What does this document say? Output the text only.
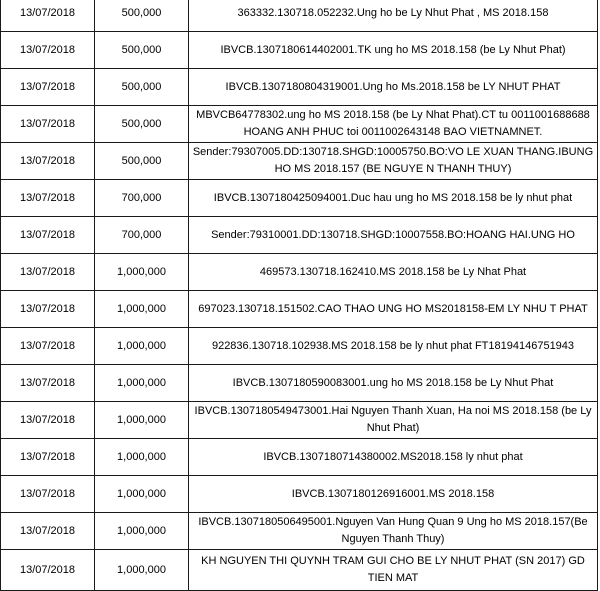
13/07/2018	500,000	363332.130718.052232.Ung ho be Ly Nhut Phat , MS 2018.158
13/07/2018	500,000	IBVCB.1307180614402001.TK ung ho MS 2018.158 (be Ly Nhut Phat)
13/07/2018	500,000	IBVCB.1307180804319001.Ung ho Ms.2018.158 be LY NHUT PHAT
13/07/2018	500,000	MBVCB64778302.ung ho MS 2018.158 (be Ly Nhat Phat).CT tu 0011001688688 HOANG ANH PHUC toi 0011002643148 BAO VIETNAMNET.
13/07/2018	500,000	Sender:79307005.DD:130718.SHGD:10005750.BO:VO LE XUAN THANG.IBUNG HO MS 2018.157 (BE NGUYE N THANH THUY)
13/07/2018	700,000	IBVCB.1307180425094001.Duc hau ung ho MS 2018.158 be ly nhut phat
13/07/2018	700,000	Sender:79310001.DD:130718.SHGD:10007558.BO:HOANG HAI.UNG HO
13/07/2018	1,000,000	469573.130718.162410.MS 2018.158 be Ly Nhat Phat
13/07/2018	1,000,000	697023.130718.151502.CAO THAO UNG HO MS2018158-EM LY NHU T PHAT
13/07/2018	1,000,000	922836.130718.102938.MS 2018.158 be ly nhut phat FT18194146751943
13/07/2018	1,000,000	IBVCB.1307180590083001.ung ho MS 2018.158 be Ly Nhut Phat
13/07/2018	1,000,000	IBVCB.1307180549473001.Hai Nguyen Thanh Xuan, Ha noi MS 2018.158 (be Ly Nhut Phat)
13/07/2018	1,000,000	IBVCB.1307180714380002.MS2018.158 ly nhut phat
13/07/2018	1,000,000	IBVCB.1307180126916001.MS 2018.158
13/07/2018	1,000,000	IBVCB.1307180506495001.Nguyen Van Hung Quan 9 Ung ho MS 2018.157(Be Nguyen Thanh Thuy)
13/07/2018	1,000,000	KH NGUYEN THI QUYNH TRAM GUI CHO BE LY NHUT PHAT (SN 2017) GD TIEN MAT
